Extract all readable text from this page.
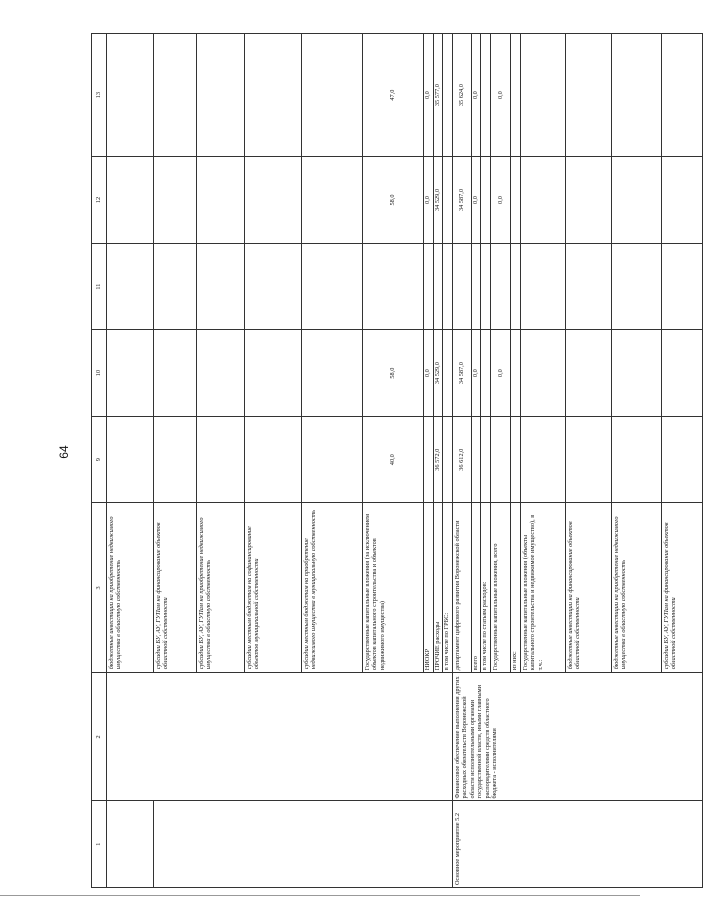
64
1	2	3	9	10	11	12	13
		бюджетные инвестиции на приобретение недвижимого имущества в областную собственность					
		субсидии БУ, АУ, ГУПам на финансирование объектов областной собственности					
		субсидии БУ, АУ, ГУПам на приобретение недвижимого имущества в областную собственность					
		субсидии местным бюджетам на софинансирование объектов муниципальной собственности					
		субсидии местным бюджетам на приобретение недвижимого имущества в муниципальную собственность					
		Государственные капитальные вложения (за исключением объектов капитального строительства и объектов недвижимого имущества)	40,0	58,0		58,0	47,0
		НИОКР		0,0		0,0	0,0
		ПРОЧИЕ расходы	36 572,0	34 529,0		34 529,0	35 577,0
		в том числе по ГРБС:					
Основное мероприятие 5.2	Финансовое обеспечение выполнения других расходных обязательств Воронежской области исполнительными органами государственной власти, иными главными распорядителями средств областного бюджета - исполнителями	департамент цифрового развития Воронежской области	36 612,0	34 587,0		34 587,0	35 624,0
		всего		0,0		0,0	0,0
		в том числе по статьям расходов:					
		Государственные капитальные вложения, всего		0,0		0,0	0,0
		из них:					
		Государственные капитальные вложения (объекты капитального строительства и недвижимое имущество), в т.ч.:					
		бюджетные инвестиции на финансирование объектов областной собственности					
		бюджетные инвестиции на приобретение недвижимого имущества в областную собственность					
		субсидии БУ, АУ, ГУПам на финансирование объектов областной собственности					
